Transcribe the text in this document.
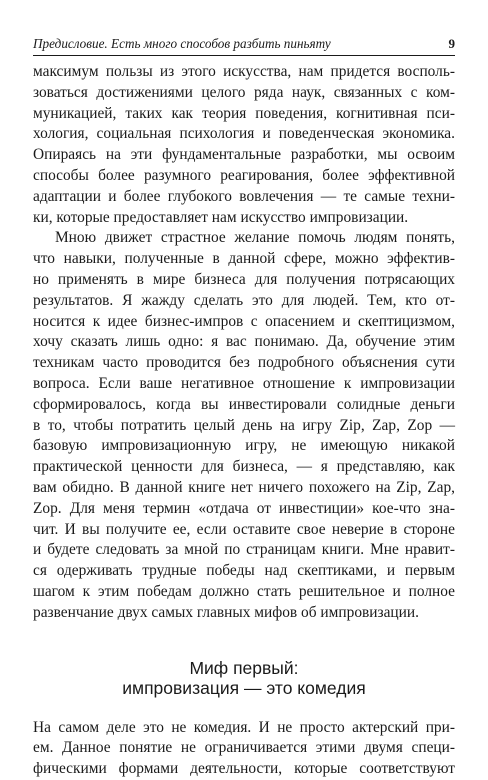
Предисловие. Есть много способов разбить пиньяту	9
максимум пользы из этого искусства, нам придется восполь-
зоваться достижениями целого ряда наук, связанных с ком-
муникацией, таких как теория поведения, когнитивная пси-
хология, социальная психология и поведенческая экономика.
Опираясь на эти фундаментальные разработки, мы освоим
способы более разумного реагирования, более эффективной
адаптации и более глубокого вовлечения — те самые техни-
ки, которые предоставляет нам искусство импровизации.
Мною движет страстное желание помочь людям понять,
что навыки, полученные в данной сфере, можно эффектив-
но применять в мире бизнеса для получения потрясающих
результатов. Я жажду сделать это для людей. Тем, кто от-
носится к идее бизнес-импров с опасением и скептицизмом,
хочу сказать лишь одно: я вас понимаю. Да, обучение этим
техникам часто проводится без подробного объяснения сути
вопроса. Если ваше негативное отношение к импровизации
сформировалось, когда вы инвестировали солидные деньги
в то, чтобы потратить целый день на игру Zip, Zap, Zop —
базовую импровизационную игру, не имеющую никакой
практической ценности для бизнеса, — я представляю, как
вам обидно. В данной книге нет ничего похожего на Zip, Zap,
Zop. Для меня термин «отдача от инвестиции» кое-что зна-
чит. И вы получите ее, если оставите свое неверие в стороне
и будете следовать за мной по страницам книги. Мне нравит-
ся одерживать трудные победы над скептиками, и первым
шагом к этим победам должно стать решительное и полное
развенчание двух самых главных мифов об импровизации.
Миф первый:
импровизация — это комедия
На самом деле это не комедия. И не просто актерский при-
ем. Данное понятие не ограничивается этими двумя специ-
фическими формами деятельности, которые соответствуют
